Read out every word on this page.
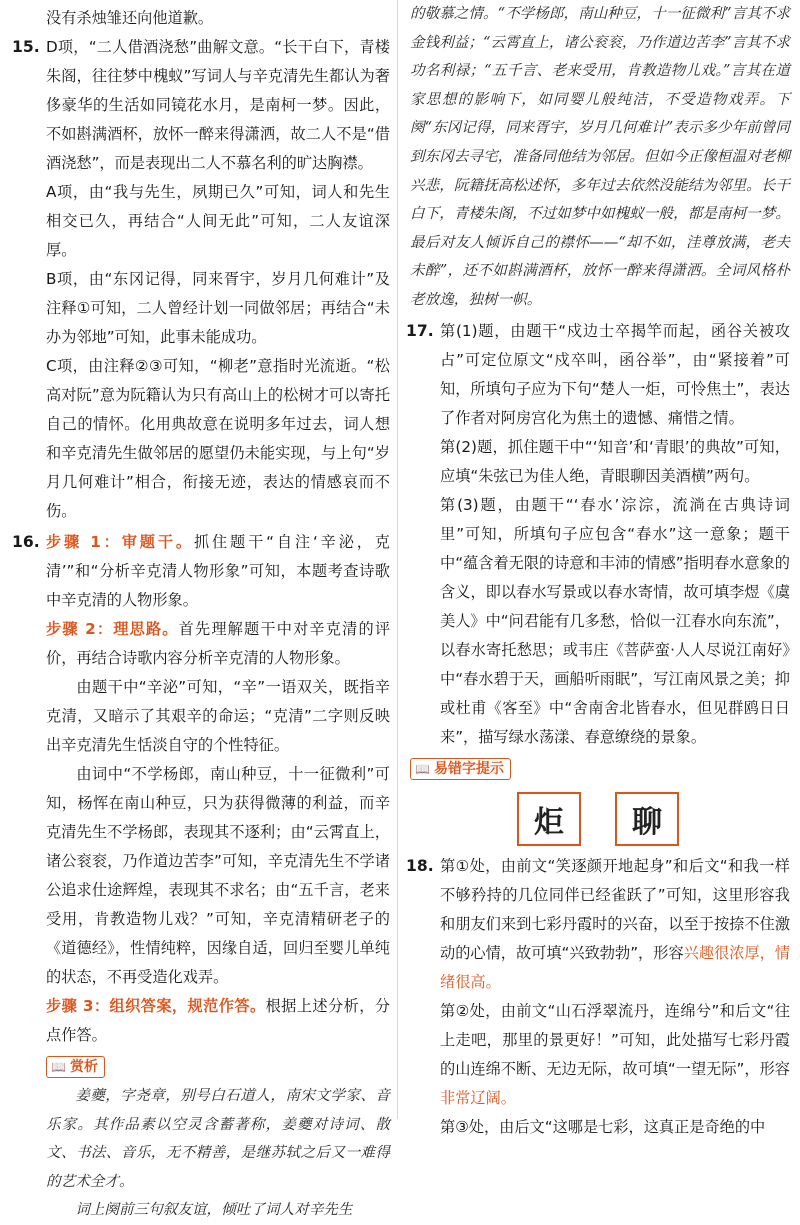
没有杀烛雏还向他道歉。

15. D项，“二人借酒浇愁”曲解文意。“长干白下，青楼朱阁，往往梦中槐蚁”写词人与辛克清先生都认为奢侈豪华的生活如同镜花水月，是南柯一梦。因此，不如斟满酒杯，放怀一醉来得潇洒，故二人不是“借酒浇愁”，而是表现出二人不慕名利的旷达胸襟。

A项，由“我与先生，夙期已久”可知，词人和先生相交已久，再结合“人间无此”可知，二人友谊深厚。

B项，由“东冈记得，同来胥宇，岁月几何难计”及注释①可知，二人曾经计划一同做邻居；再结合“未办为邻地”可知，此事未能成功。

C项，由注释②③可知，“柳老”意指时光流逝。“松高对阮”意为阮籍认为只有高山上的松树才可以寄托自己的情怀。化用典故意在说明多年过去，词人想和辛克清先生做邻居的愿望仍未能实现，与上句“岁月几何难计”相合，衔接无迹，表达的情感哀而不伤。

16. 步骤 1：审题干。抓住题干“自注‘辛泌，克清’”和“分析辛克清人物形象”可知，本题考查诗歌中辛克清的人物形象。

步骤 2：理思路。首先理解题干中对辛克清的评价，再结合诗歌内容分析辛克清的人物形象。

由题干中“辛泌”可知，“辛”一语双关，既指辛克清，又暗示了其艰辛的命运；“克清”二字则反映出辛克清先生恬淡自守的个性特征。

由词中“不学杨郎，南山种豆，十一征微利”可知，杨恽在南山种豆，只为获得微薄的利益，而辛克清先生不学杨郎，表现其不逐利；由“云霄直上，诸公衮衮，乃作道边苦李”可知，辛克清先生不学诸公追求仕途辉煌，表现其不求名；由“五千言，老来受用，肯教造物儿戏？”可知，辛克清精研老子的《道德经》，性情纯粹，因缘自适，回归至婴儿单纯的状态，不再受造化戏弄。

步骤 3：组织答案，规范作答。根据上述分析，分点作答。

📖 赏析

姜夔，字尧章，别号白石道人，南宋文学家、音乐家。其作品素以空灵含蓄著称，姜夔对诗词、散文、书法、音乐，无不精善，是继苏轼之后又一难得的艺术全才。

词上阕前三句叙友谊，倾吐了词人对辛先生

的敬慕之情。“不学杨郎，南山种豆，十一征微利”言其不求金钱利益；“云霄直上，诸公衮衮，乃作道边苦李”言其不求功名利禄；“五千言、老来受用，肯教造物儿戏。”言其在道家思想的影响下，如同婴儿般纯洁，不受造物戏弄。下阕“东冈记得，同来胥宇，岁月几何难计”表示多少年前曾同到东冈去寻宅，准备同他结为邻居。但如今正像桓温对老柳兴悲，阮籍抚高松述怀，多年过去依然没能结为邻里。长干白下，青楼朱阁，不过如梦中如槐蚁一般，都是南柯一梦。最后对友人倾诉自己的襟怀——“却不如，洼尊放满，老夫未醉”，还不如斟满酒杯，放怀一醉来得潇洒。全词风格朴老放逸，独树一帜。

17. 第(1)题，由题干“戍边士卒揭竿而起，函谷关被攻占”可定位原文“戍卒叫，函谷举”，由“紧接着”可知，所填句子应为下句“楚人一炬，可怜焦土”，表达了作者对阿房宫化为焦土的遗憾、痛惜之情。

第(2)题，抓住题干中“‘知音’和‘青眼’的典故”可知，应填“朱弦已为佳人绝，青眼聊因美酒横”两句。

第(3)题，由题干“‘春水’淙淙，流淌在古典诗词里”可知，所填句子应包含“春水”这一意象；题干中“蕴含着无限的诗意和丰沛的情感”指明春水意象的含义，即以春水写景或以春水寄情，故可填李煜《虞美人》中“问君能有几多愁，恰似一江春水向东流”，以春水寄托愁思；或韦庄《菩萨蛮·人人尽说江南好》中“春水碧于天，画船听雨眠”，写江南风景之美；抑或杜甫《客至》中“舍南舍北皆春水，但见群鸥日日来”，描写绿水荡漾、春意缭绕的景象。

📖 易错字提示
炬	聊
18. 第①处，由前文“笑逐颜开地起身”和后文“和我一样不够矜持的几位同伴已经雀跃了”可知，这里形容我和朋友们来到七彩丹霞时的兴奋，以至于按捺不住激动的心情，故可填“兴致勃勃”，形容兴趣很浓厚，情绪很高。

第②处，由前文“山石浮翠流丹，连绵兮”和后文“往上走吧，那里的景更好！”可知，此处描写七彩丹霞的山连绵不断、无边无际，故可填“一望无际”，形容非常辽阔。

第③处，由后文“这哪是七彩，这真正是奇绝的中
